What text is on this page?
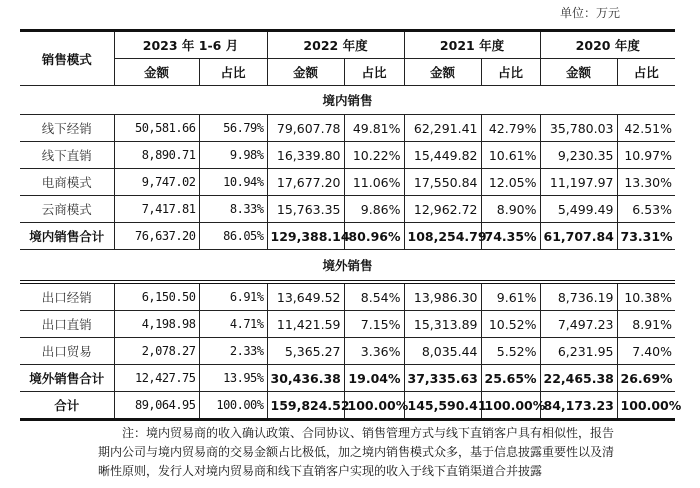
单位：万元
销售模式	2023 年 1-6 月		2022 年度		2021 年度		2020 年度	
	金额	占比	金额	占比	金额	占比	金额	占比
境内销售								
线下经销	50,581.66	56.79%	79,607.78	49.81%	62,291.41	42.79%	35,780.03	42.51%
线下直销	8,890.71	9.98%	16,339.80	10.22%	15,449.82	10.61%	9,230.35	10.97%
电商模式	9,747.02	10.94%	17,677.20	11.06%	17,550.84	12.05%	11,197.97	13.30%
云商模式	7,417.81	8.33%	15,763.35	9.86%	12,962.72	8.90%	5,499.49	6.53%
境内销售合计	76,637.20	86.05%	129,388.14	80.96%	108,254.79	74.35%	61,707.84	73.31%
境外销售								
出口经销	6,150.50	6.91%	13,649.52	8.54%	13,986.30	9.61%	8,736.19	10.38%
出口直销	4,198.98	4.71%	11,421.59	7.15%	15,313.89	10.52%	7,497.23	8.91%
出口贸易	2,078.27	2.33%	5,365.27	3.36%	8,035.44	5.52%	6,231.95	7.40%
境外销售合计	12,427.75	13.95%	30,436.38	19.04%	37,335.63	25.65%	22,465.38	26.69%
合计	89,064.95	100.00%	159,824.52	100.00%	145,590.41	100.00%	84,173.23	100.00%
注：境内贸易商的收入确认政策、合同协议、销售管理方式与线下直销客户具有相似性，报告期内公司与境内贸易商的交易金额占比极低，加之境内销售模式众多，基于信息披露重要性以及清晰性原则，发行人对境内贸易商和线下直销客户实现的收入于线下直销渠道合并披露
